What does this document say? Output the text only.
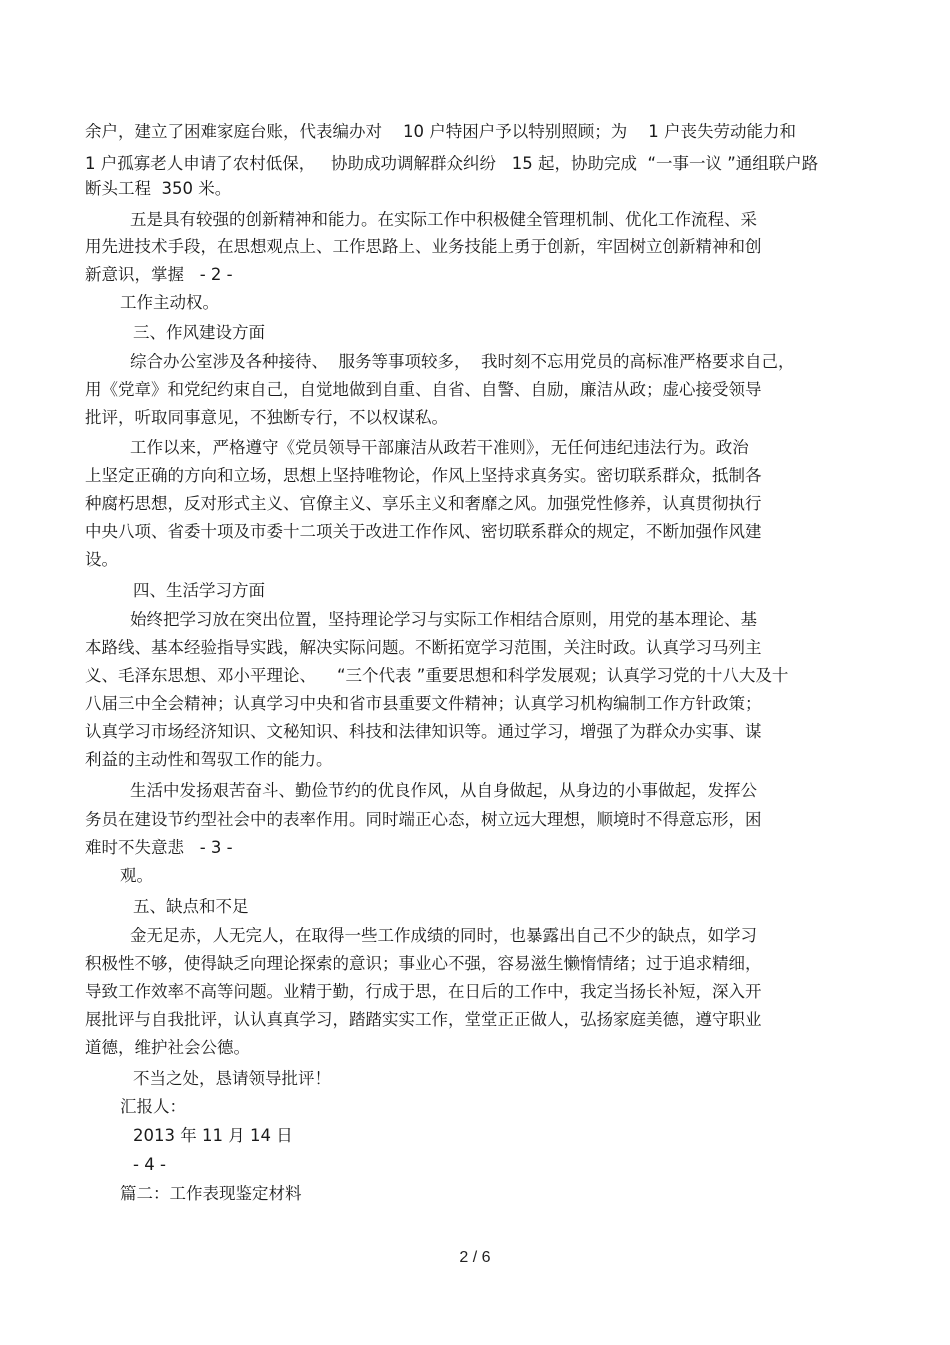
余户，建立了困难家庭台账，代表编办对    10 户特困户予以特别照顾；为    1 户丧失劳动能力和
1 户孤寡老人申请了农村低保，   协助成功调解群众纠纷   15 起，协助完成  “一事一议 ”通组联户路
断头工程  350 米。
五是具有较强的创新精神和能力。在实际工作中积极健全管理机制、优化工作流程、采
用先进技术手段，在思想观点上、工作思路上、业务技能上勇于创新，牢固树立创新精神和创
新意识，掌握   - 2 -
工作主动权。
三、作风建设方面
综合办公室涉及各种接待、  服务等事项较多，  我时刻不忘用党员的高标准严格要求自己，
用《党章》和党纪约束自己，自觉地做到自重、自省、自警、自励，廉洁从政；虚心接受领导
批评，听取同事意见，不独断专行，不以权谋私。
工作以来，严格遵守《党员领导干部廉洁从政若干准则》，无任何违纪违法行为。政治
上坚定正确的方向和立场，思想上坚持唯物论，作风上坚持求真务实。密切联系群众，抵制各
种腐朽思想，反对形式主义、官僚主义、享乐主义和奢靡之风。加强党性修养，认真贯彻执行
中央八项、省委十项及市委十二项关于改进工作作风、密切联系群众的规定，不断加强作风建
设。
四、生活学习方面
始终把学习放在突出位置，坚持理论学习与实际工作相结合原则，用党的基本理论、基
本路线、基本经验指导实践，解决实际问题。不断拓宽学习范围，关注时政。认真学习马列主
义、毛泽东思想、邓小平理论、    “三个代表 ”重要思想和科学发展观；认真学习党的十八大及十
八届三中全会精神；认真学习中央和省市县重要文件精神；认真学习机构编制工作方针政策；
认真学习市场经济知识、文秘知识、科技和法律知识等。通过学习，增强了为群众办实事、谋
利益的主动性和驾驭工作的能力。
生活中发扬艰苦奋斗、勤俭节约的优良作风，从自身做起，从身边的小事做起，发挥公
务员在建设节约型社会中的表率作用。同时端正心态，树立远大理想，顺境时不得意忘形，困
难时不失意悲   - 3 -
观。
五、缺点和不足
金无足赤，人无完人，在取得一些工作成绩的同时，也暴露出自己不少的缺点，如学习
积极性不够，使得缺乏向理论探索的意识；事业心不强，容易滋生懒惰情绪；过于追求精细，
导致工作效率不高等问题。业精于勤，行成于思，在日后的工作中，我定当扬长补短，深入开
展批评与自我批评，认认真真学习，踏踏实实工作，堂堂正正做人，弘扬家庭美德，遵守职业
道德，维护社会公德。
不当之处，恳请领导批评！
汇报人：
2013 年 11 月 14 日
- 4 -
篇二：工作表现鉴定材料
2 / 6
